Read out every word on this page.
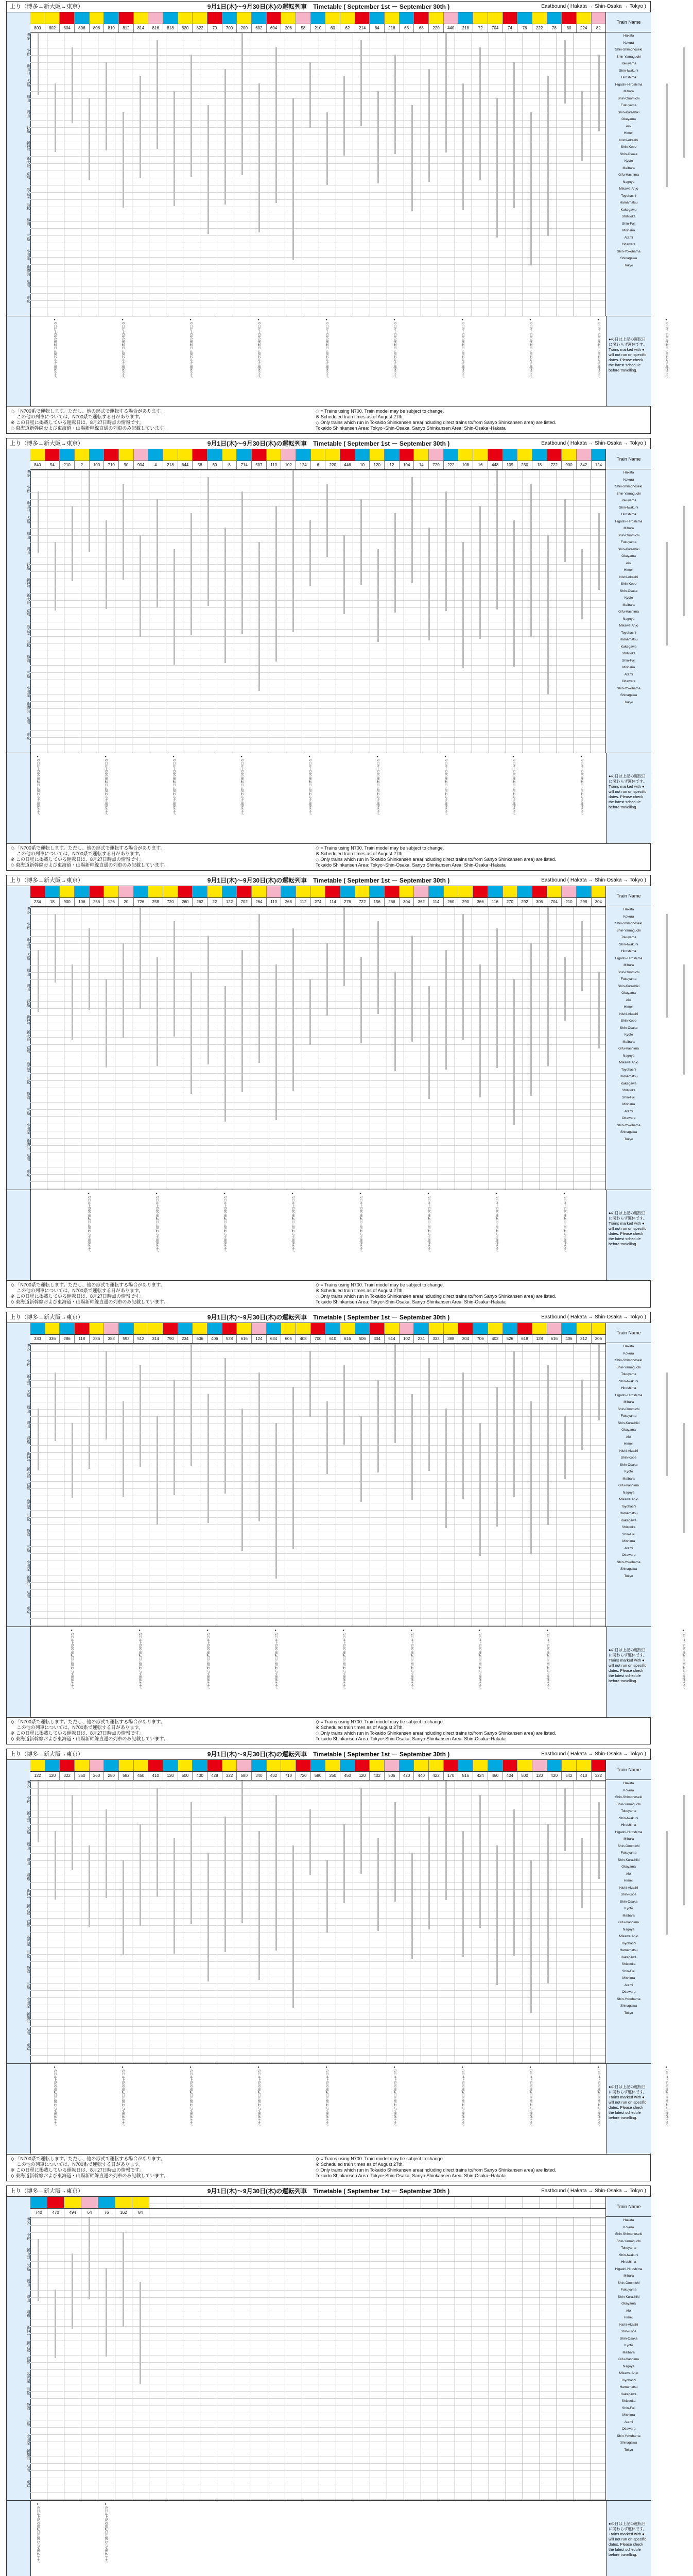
上り（博多→新大阪→東京）	9月1日(木)～9月30日(木)の運転列車　Timetable ( September 1st － September 30th )	Eastbound ( Hakata → Shin-Osaka → Tokyo )
博多
小倉
新山口
広島
福山
岡山
姫路
新神戸
新大阪
京都
名古屋
浜松
静岡
三島
小田原
新横浜
品川
東京
800	802	804	806	808	810	812	814	816	818	820	822	70	700	200	602	604	206	58	210	60	62	214	64	216	66	68	220	440	218	72	704	74	76	222	78	80	224	82
Train Name
Hakata
Kokura
Shin-Shimonoseki
Shin-Yamaguchi
Tokuyama
Shin-Iwakuni
Hiroshima
Higashi-Hiroshima
Mihara
Shin-Onomichi
Fukuyama
Shin-Kurashiki
Okayama
Aioi
Himeji
Nishi-Akashi
Shin-Kobe
Shin-Osaka
Kyoto
Maibara
Gifu-Hashima
Nagoya
Mikawa-Anjo
Toyohashi
Hamamatsu
Kakegawa
Shizuoka
Shin-Fuji
Mishima
Atami
Odawara
Shin-Yokohama
Shinagawa
Tokyo
●の日は上記の運転日に関わらず運休です。	●の日は上記の運転日に関わらず運休です。	●の日は上記の運転日に関わらず運休です。	●の日は上記の運転日に関わらず運休です。	●の日は上記の運転日に関わらず運休です。	●の日は上記の運転日に関わらず運休です。	●の日は上記の運転日に関わらず運休です。	●の日は上記の運転日に関わらず運休です。	●の日は上記の運転日に関わらず運休です。	●の日は上記の運転日に関わらず運休です。
●の日は上記の運転日に関わらず運休です。
Trains marked with ● will not run on specific dates. Please check the latest schedule before travelling.
◇ 「N700系で運転します。ただし、他の形式で運転する場合があります。
　 この他の列車については、N700系で運転する日があります。
※ この日程に掲載している運転日は、8月27日時点の情報です。
◇ 東海道新幹線および東海道・山陽新幹線直通の列車のみ記載しています。
◇ = Trains using N700. Train model may be subject to change.
※ Scheduled train times as of August 27th.
◇ Only trains which run in Tokaido Shinkansen area(including direct trains to/from Sanyo Shinkansen area) are listed.
Tokaido Shinkansen Area: Tokyo~Shin-Osaka, Sanyo Shinkansen Area: Shin-Osaka~Hakata
上り（博多→新大阪→東京）	9月1日(木)～9月30日(木)の運転列車　Timetable ( September 1st － September 30th )	Eastbound ( Hakata → Shin-Osaka → Tokyo )
博多
小倉
新山口
広島
福山
岡山
姫路
新神戸
新大阪
京都
名古屋
浜松
静岡
三島
小田原
新横浜
品川
東京
840	54	210	2	100	710	90	904	4	218	644	58	60	8	714	507	110	102	124	6	220	446	10	120	12	104	14	720	222	108	16	448	109	230	18	722	900	342	124
Train Name
Hakata
Kokura
Shin-Shimonoseki
Shin-Yamaguchi
Tokuyama
Shin-Iwakuni
Hiroshima
Higashi-Hiroshima
Mihara
Shin-Onomichi
Fukuyama
Shin-Kurashiki
Okayama
Aioi
Himeji
Nishi-Akashi
Shin-Kobe
Shin-Osaka
Kyoto
Maibara
Gifu-Hashima
Nagoya
Mikawa-Anjo
Toyohashi
Hamamatsu
Kakegawa
Shizuoka
Shin-Fuji
Mishima
Atami
Odawara
Shin-Yokohama
Shinagawa
Tokyo
●の日は上記の運転日に関わらず運休です。	●の日は上記の運転日に関わらず運休です。	●の日は上記の運転日に関わらず運休です。	●の日は上記の運転日に関わらず運休です。	●の日は上記の運転日に関わらず運休です。	●の日は上記の運転日に関わらず運休です。	●の日は上記の運転日に関わらず運休です。	●の日は上記の運転日に関わらず運休です。	●の日は上記の運転日に関わらず運休です。	●の日は上記の運転日に関わらず運休です。
Trains marked with ● will not run on specific dates. Please check the latest schedule before travelling.
◇ 「N700系で運転します。ただし、他の形式で運転する場合があります。
　 この他の列車については、N700系で運転する日があります。
※ この日程に掲載している運転日は、8月27日時点の情報です。
◇ 東海道新幹線および東海道・山陽新幹線直通の列車のみ記載しています。
◇ = Trains using N700. Train model may be subject to change.
※ Scheduled train times as of August 27th.
◇ Only trains which run in Tokaido Shinkansen area(including direct trains to/from Sanyo Shinkansen area) are listed.
Tokaido Shinkansen Area: Tokyo~Shin-Osaka, Sanyo Shinkansen Area: Shin-Osaka~Hakata
上り（博多→新大阪→東京）	9月1日(木)～9月30日(木)の運転列車　Timetable ( September 1st － September 30th )	Eastbound ( Hakata → Shin-Osaka → Tokyo )
博多
小倉
新山口
広島
福山
岡山
姫路
新神戸
新大阪
京都
名古屋
浜松
静岡
三島
小田原
新横浜
品川
東京
234	18	900	106	256	126	20	726	258	720	260	262	22	122	702	264	110	268	112	274	114	276	722	156	266	304	362	114	260	290	366	116	270	292	306	704	210	298	304
Train Name
Hakata
Kokura
Shin-Shimonoseki
Shin-Yamaguchi
Tokuyama
Shin-Iwakuni
Hiroshima
Higashi-Hiroshima
Mihara
Shin-Onomichi
Fukuyama
Shin-Kurashiki
Okayama
Aioi
Himeji
Nishi-Akashi
Shin-Kobe
Shin-Osaka
Kyoto
Maibara
Gifu-Hashima
Nagoya
Mikawa-Anjo
Toyohashi
Hamamatsu
Kakegawa
Shizuoka
Shin-Fuji
Mishima
Atami
Odawara
Shin-Yokohama
Shinagawa
Tokyo
●の日は上記の運転日に関わらず運休です。	●の日は上記の運転日に関わらず運休です。	●の日は上記の運転日に関わらず運休です。	●の日は上記の運転日に関わらず運休です。	●の日は上記の運転日に関わらず運休です。	●の日は上記の運転日に関わらず運休です。	●の日は上記の運転日に関わらず運休です。	●の日は上記の運転日に関わらず運休です。	●の日は上記の運転日に関わらず運休です。
Trains marked with ● will not run on specific dates. Please check the latest schedule before travelling.
◇ 「N700系で運転します。ただし、他の形式で運転する場合があります。
　 この他の列車については、N700系で運転する日があります。
※ この日程に掲載している運転日は、8月27日時点の情報です。
◇ 東海道新幹線および東海道・山陽新幹線直通の列車のみ記載しています。
◇ = Trains using N700. Train model may be subject to change.
※ Scheduled train times as of August 27th.
◇ Only trains which run in Tokaido Shinkansen area(including direct trains to/from Sanyo Shinkansen area) are listed.
Tokaido Shinkansen Area: Tokyo~Shin-Osaka, Sanyo Shinkansen Area: Shin-Osaka~Hakata
上り（博多→新大阪→東京）	9月1日(木)～9月30日(木)の運転列車　Timetable ( September 1st － September 30th )	Eastbound ( Hakata → Shin-Osaka → Tokyo )
博多
小倉
新山口
広島
福山
岡山
姫路
新神戸
新大阪
京都
名古屋
浜松
静岡
三島
小田原
新横浜
品川
東京
330	336	286	118	286	388	592	512	314	790	234	606	406	528	616	124	634	605	408	700	610	616	506	304	514	102	234	332	388	304	706	402	526	618	128	616	406	312	306
Train Name
Hakata
Kokura
Shin-Shimonoseki
Shin-Yamaguchi
Tokuyama
Shin-Iwakuni
Hiroshima
Higashi-Hiroshima
Mihara
Shin-Onomichi
Fukuyama
Shin-Kurashiki
Okayama
Aioi
Himeji
Nishi-Akashi
Shin-Kobe
Shin-Osaka
Kyoto
Maibara
Gifu-Hashima
Nagoya
Mikawa-Anjo
Toyohashi
Hamamatsu
Kakegawa
Shizuoka
Shin-Fuji
Mishima
Atami
Odawara
Shin-Yokohama
Shinagawa
Tokyo
●の日は上記の運転日に関わらず運休です。	●の日は上記の運転日に関わらず運休です。	●の日は上記の運転日に関わらず運休です。	●の日は上記の運転日に関わらず運休です。	●の日は上記の運転日に関わらず運休です。	●の日は上記の運転日に関わらず運休です。	●の日は上記の運転日に関わらず運休です。	●の日は上記の運転日に関わらず運休です。	●の日は上記の運転日に関わらず運休です。
●の日は上記の運転日に関わらず運休です。
Trains marked with ● will not run on specific dates. Please check the latest schedule before travelling.
◇ 「N700系で運転します。ただし、他の形式で運転する場合があります。
　 この他の列車については、N700系で運転する日があります。
※ この日程に掲載している運転日は、8月27日時点の情報です。
◇ 東海道新幹線および東海道・山陽新幹線直通の列車のみ記載しています。
◇ = Trains using N700. Train model may be subject to change.
※ Scheduled train times as of August 27th.
◇ Only trains which run in Tokaido Shinkansen area(including direct trains to/from Sanyo Shinkansen area) are listed.
Tokaido Shinkansen Area: Tokyo~Shin-Osaka, Sanyo Shinkansen Area: Shin-Osaka~Hakata
上り（博多→新大阪→東京）	9月1日(木)～9月30日(木)の運転列車　Timetable ( September 1st － September 30th )	Eastbound ( Hakata → Shin-Osaka → Tokyo )
博多
小倉
新山口
広島
福山
岡山
姫路
新神戸
新大阪
京都
名古屋
浜松
静岡
三島
小田原
新横浜
品川
東京
122	120	322	350	260	280	582	450	410	130	500	400	428	322	580	340	432	710	720	580	250	450	120	402	506	420	440	422	170	516	424	460	404	500	120	420	542	410	322
Train Name
Hakata
Kokura
Shin-Shimonoseki
Shin-Yamaguchi
Tokuyama
Shin-Iwakuni
Hiroshima
Higashi-Hiroshima
Mihara
Shin-Onomichi
Fukuyama
Shin-Kurashiki
Okayama
Aioi
Himeji
Nishi-Akashi
Shin-Kobe
Shin-Osaka
Kyoto
Maibara
Gifu-Hashima
Nagoya
Mikawa-Anjo
Toyohashi
Hamamatsu
Kakegawa
Shizuoka
Shin-Fuji
Mishima
Atami
Odawara
Shin-Yokohama
Shinagawa
Tokyo
●の日は上記の運転日に関わらず運休です。	●の日は上記の運転日に関わらず運休です。	●の日は上記の運転日に関わらず運休です。	●の日は上記の運転日に関わらず運休です。	●の日は上記の運転日に関わらず運休です。	●の日は上記の運転日に関わらず運休です。	●の日は上記の運転日に関わらず運休です。	●の日は上記の運転日に関わらず運休です。	●の日は上記の運転日に関わらず運休です。	●の日は上記の運転日に関わらず運休です。
●の日は上記の運転日に関わらず運休です。
Trains marked with ● will not run on specific dates. Please check the latest schedule before travelling.
◇ 「N700系で運転します。ただし、他の形式で運転する場合があります。
　 この他の列車については、N700系で運転する日があります。
※ この日程に掲載している運転日は、8月27日時点の情報です。
◇ 東海道新幹線および東海道・山陽新幹線直通の列車のみ記載しています。
◇ = Trains using N700. Train model may be subject to change.
※ Scheduled train times as of August 27th.
◇ Only trains which run in Tokaido Shinkansen area(including direct trains to/from Sanyo Shinkansen area) are listed.
Tokaido Shinkansen Area: Tokyo~Shin-Osaka, Sanyo Shinkansen Area: Shin-Osaka~Hakata
上り（博多→新大阪→東京）	9月1日(木)～9月30日(木)の運転列車　Timetable ( September 1st － September 30th )	Eastbound ( Hakata → Shin-Osaka → Tokyo )
博多
小倉
新山口
広島
福山
岡山
姫路
新神戸
新大阪
京都
名古屋
浜松
静岡
三島
小田原
新横浜
品川
東京
740	470	494	64	76	162	84
Train Name
Hakata
Kokura
Shin-Shimonoseki
Shin-Yamaguchi
Tokuyama
Shin-Iwakuni
Hiroshima
Higashi-Hiroshima
Mihara
Shin-Onomichi
Fukuyama
Shin-Kurashiki
Okayama
Aioi
Himeji
Nishi-Akashi
Shin-Kobe
Shin-Osaka
Kyoto
Maibara
Gifu-Hashima
Nagoya
Mikawa-Anjo
Toyohashi
Hamamatsu
Kakegawa
Shizuoka
Shin-Fuji
Mishima
Atami
Odawara
Shin-Yokohama
Shinagawa
Tokyo
●の日は上記の運転日に関わらず運休です。	●の日は上記の運転日に関わらず運休です。	●の日は上記の運転日に関わらず運休です。
Trains marked with ● will not run on specific dates. Please check the latest schedule before travelling.
